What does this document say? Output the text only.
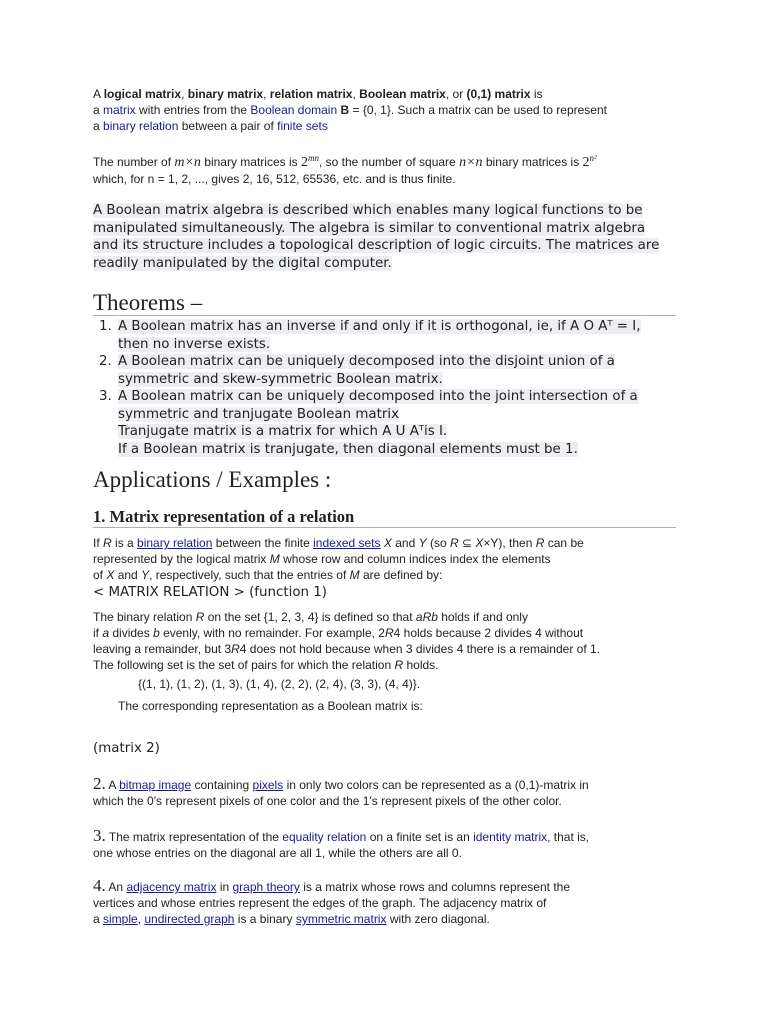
A logical matrix, binary matrix, relation matrix, Boolean matrix, or (0,1) matrix is
a matrix with entries from the Boolean domain B = {0, 1}. Such a matrix can be used to represent
a binary relation between a pair of finite sets
The number of m×n binary matrices is $2^{mn}$, so the number of square n×n binary matrices is $2^{n^2}$
which, for n = 1, 2, ..., gives 2, 16, 512, 65536, etc. and is thus finite.
A Boolean matrix algebra is described which enables many logical functions to be manipulated simultaneously. The algebra is similar to conventional matrix algebra and its structure includes a topological description of logic circuits. The matrices are readily manipulated by the digital computer.
Theorems –
1. A Boolean matrix has an inverse if and only if it is orthogonal, ie, if A O Aᵀ = I, then no inverse exists.
2. A Boolean matrix can be uniquely decomposed into the disjoint union of a symmetric and skew-symmetric Boolean matrix.
3. A Boolean matrix can be uniquely decomposed into the joint intersection of a symmetric and tranjugate Boolean matrix
Tranjugate matrix is a matrix for which A U Aᵀis I.
If a Boolean matrix is tranjugate, then diagonal elements must be 1.
Applications / Examples :
1. Matrix representation of a relation
If R is a binary relation between the finite indexed sets X and Y (so R ⊆ X×Y), then R can be
represented by the logical matrix M whose row and column indices index the elements
of X and Y, respectively, such that the entries of M are defined by:
< MATRIX RELATION > (function 1)
The binary relation R on the set {1, 2, 3, 4} is defined so that aRb holds if and only
if a divides b evenly, with no remainder. For example, 2R4 holds because 2 divides 4 without
leaving a remainder, but 3R4 does not hold because when 3 divides 4 there is a remainder of 1.
The following set is the set of pairs for which the relation R holds.
{(1, 1), (1, 2), (1, 3), (1, 4), (2, 2), (2, 4), (3, 3), (4, 4)}.
The corresponding representation as a Boolean matrix is:
(matrix 2)
2. A bitmap image containing pixels in only two colors can be represented as a (0,1)-matrix in
which the 0's represent pixels of one color and the 1's represent pixels of the other color.
3. The matrix representation of the equality relation on a finite set is an identity matrix, that is,
one whose entries on the diagonal are all 1, while the others are all 0.
4. An adjacency matrix in graph theory is a matrix whose rows and columns represent the
vertices and whose entries represent the edges of the graph. The adjacency matrix of
a simple, undirected graph is a binary symmetric matrix with zero diagonal.
